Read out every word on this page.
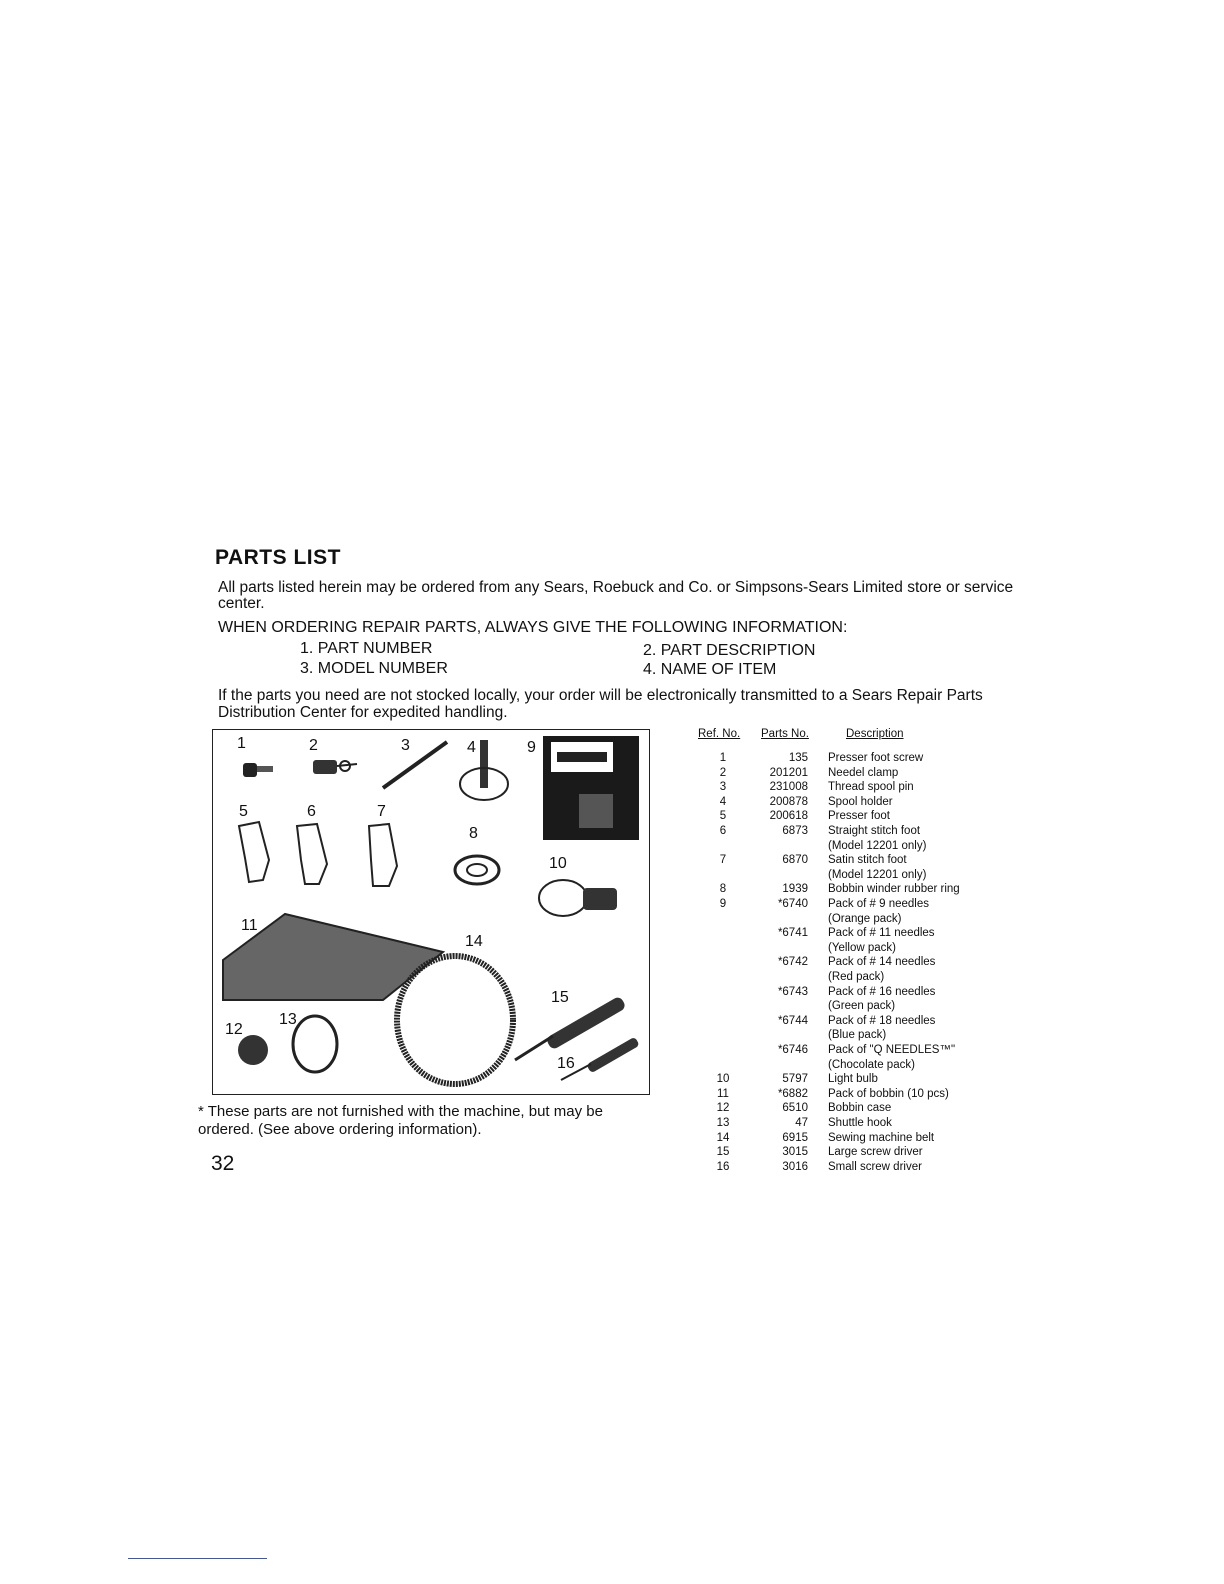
PARTS LIST
All parts listed herein may be ordered from any Sears, Roebuck and Co. or Simpsons-Sears Limited store or service center.
WHEN ORDERING REPAIR PARTS, ALWAYS GIVE THE FOLLOWING INFORMATION:
1. PART NUMBER	2. PART DESCRIPTION
3. MODEL NUMBER	4. NAME OF ITEM
If the parts you need are not stocked locally, your order will be electronically transmitted to a Sears Repair Parts Distribution Center for expedited handling.
1	2	3	4	9
5	6	7
8
10
11
14
15
13
12
16
Ref. No. Parts No.	Description
1	135 Presser foot screw
2	201201 Needel clamp
3	231008 Thread spool pin
4	200878 Spool holder
5	200618 Presser foot
6	6873 Straight stitch foot
(Model 12201 only)
7	6870 Satin stitch foot
(Model 12201 only)
8	1939 Bobbin winder rubber ring
9	*6740 Pack of # 9 needles
(Orange pack)
*6741 Pack of # 11 needles
(Yellow pack)
*6742 Pack of # 14 needles
(Red pack)
*6743 Pack of # 16 needles
(Green pack)
*6744 Pack of # 18 needles
(Blue pack)
*6746 Pack of "Q NEEDLES™"
(Chocolate pack)
10	5797 Light bulb
11	*6882 Pack of bobbin (10 pcs)
12	6510 Bobbin case
13	47 Shuttle hook
14	6915 Sewing machine belt
15	3015 Large screw driver
16	3016 Small screw driver
* These parts are not furnished with the machine, but may be ordered. (See above ordering information).
32
